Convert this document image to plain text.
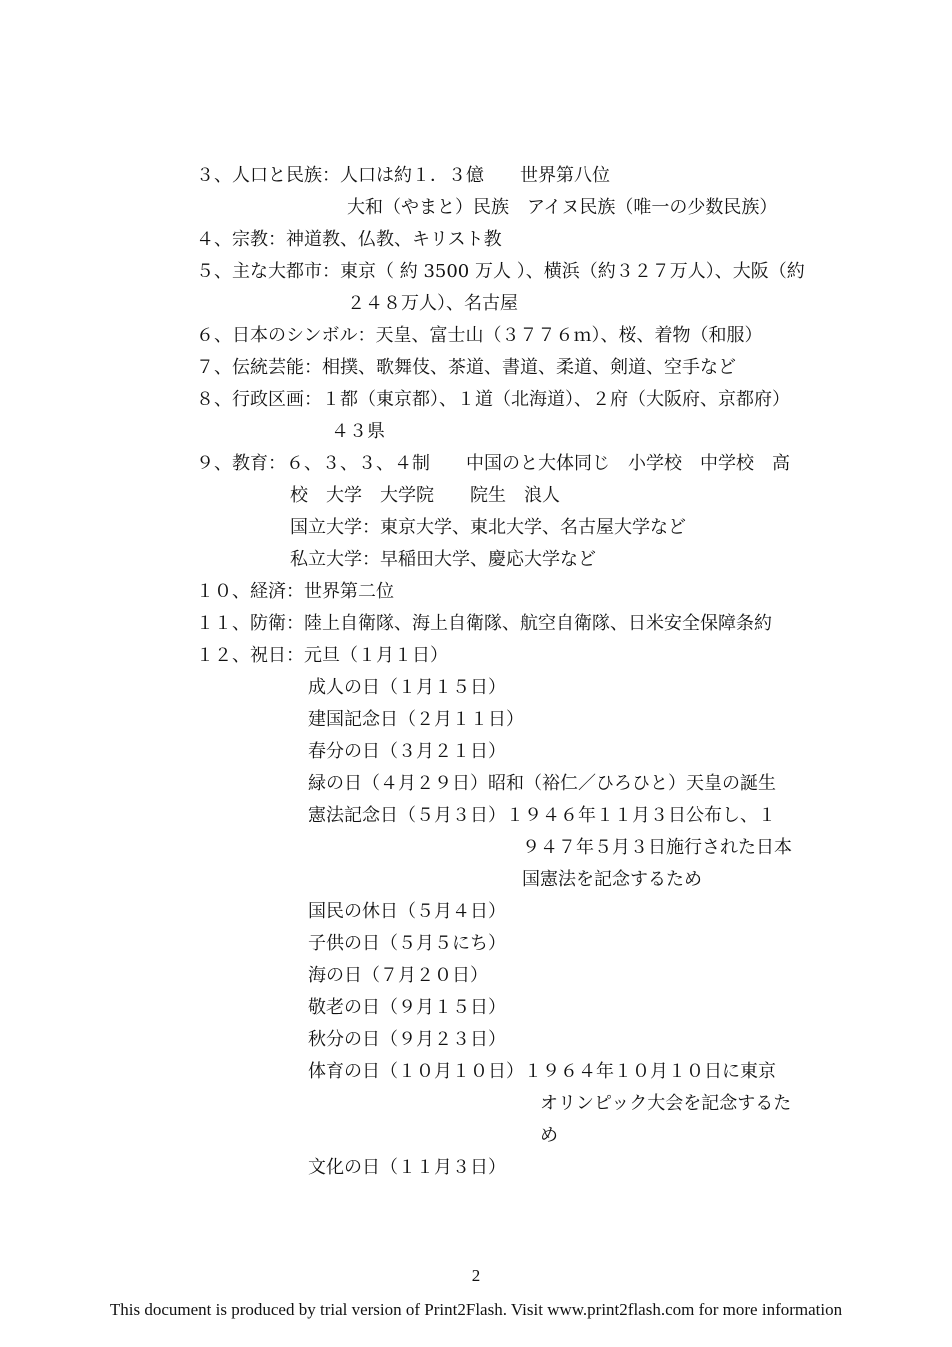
３、人口と民族：人口は約１．３億　　世界第八位
大和（やまと）民族　アイヌ民族（唯一の少数民族）
４、宗教：神道教、仏教、キリスト教
５、主な大都市：東京（ 約 3500 万人 ）、横浜（約３２７万人）、大阪（約
２４８万人）、名古屋
６、日本のシンボル：天皇、富士山（３７７６ｍ）、桜、着物（和服）
７、伝統芸能：相撲、歌舞伎、茶道、書道、柔道、剣道、空手など
８、行政区画：１都（東京都）、１道（北海道）、２府（大阪府、京都府）
４３県
９、教育：６、３、３、４制　　中国のと大体同じ　小学校　中学校　高
校　大学　大学院　　院生　浪人
国立大学：東京大学、東北大学、名古屋大学など
私立大学：早稲田大学、慶応大学など
１０、経済：世界第二位
１１、防衛：陸上自衛隊、海上自衛隊、航空自衛隊、日米安全保障条約
１２、祝日：元旦（１月１日）
成人の日（１月１５日）
建国記念日（２月１１日）
春分の日（３月２１日）
緑の日（４月２９日）昭和（裕仁／ひろひと）天皇の誕生
憲法記念日（５月３日）１９４６年１１月３日公布し、１
９４７年５月３日施行された日本
国憲法を記念するため
国民の休日（５月４日）
子供の日（５月５にち）
海の日（７月２０日）
敬老の日（９月１５日）
秋分の日（９月２３日）
体育の日（１０月１０日）１９６４年１０月１０日に東京
オリンピック大会を記念するた
め
文化の日（１１月３日）
2
This document is produced by trial version of Print2Flash. Visit www.print2flash.com for more information
